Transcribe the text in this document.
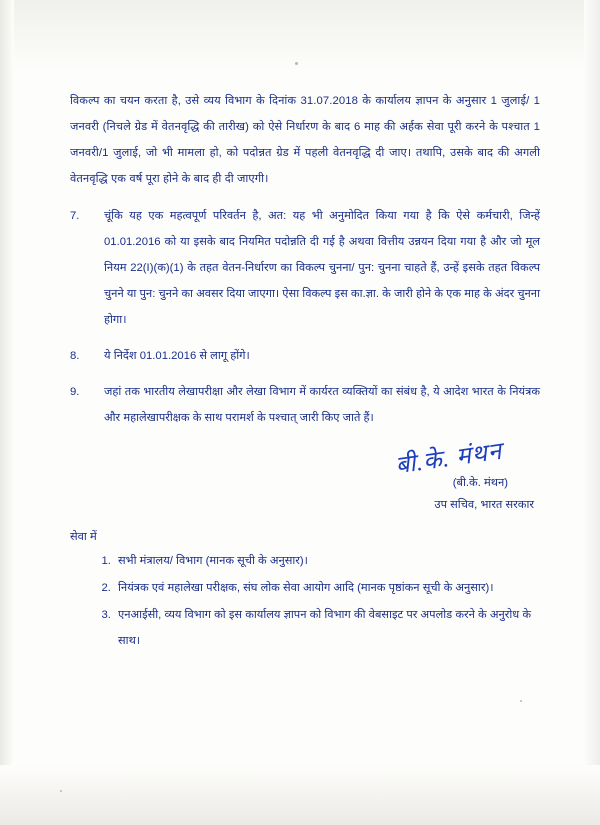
विकल्प का चयन करता है, उसे व्यय विभाग के दिनांक 31.07.2018 के कार्यालय ज्ञापन के अनुसार 1 जुलाई/ 1 जनवरी (निचले ग्रेड में वेतनवृद्धि की तारीख) को ऐसे निर्धारण के बाद 6 माह की अर्हक सेवा पूरी करने के पश्चात 1 जनवरी/1 जुलाई, जो भी मामला हो, को पदोन्नत ग्रेड में पहली वेतनवृद्धि दी जाए। तथापि, उसके बाद की अगली वेतनवृद्धि एक वर्ष पूरा होने के बाद ही दी जाएगी।

7.	चूंकि यह एक महत्वपूर्ण परिवर्तन है, अत: यह भी अनुमोदित किया गया है कि ऐसे कर्मचारी, जिन्हें 01.01.2016 को या इसके बाद नियमित पदोन्नति दी गई है अथवा वित्तीय उन्नयन दिया गया है और जो मूल नियम 22(I)(क)(1) के तहत वेतन-निर्धारण का विकल्प चुनना/ पुन: चुनना चाहते हैं, उन्हें इसके तहत विकल्प चुनने या पुन: चुनने का अवसर दिया जाएगा। ऐसा विकल्प इस का.ज्ञा. के जारी होने के एक माह के अंदर चुनना होगा।
8.	ये निर्देश 01.01.2016 से लागू होंगे।
9.	जहां तक भारतीय लेखापरीक्षा और लेखा विभाग में कार्यरत व्यक्तियों का संबंध है, ये आदेश भारत के नियंत्रक और महालेखापरीक्षक के साथ परामर्श के पश्चात् जारी किए जाते हैं।
बी.के. मंथन
(बी.के. मंथन)
उप सचिव, भारत सरकार
सेवा में
1. सभी मंत्रालय/ विभाग (मानक सूची के अनुसार)।
2. नियंत्रक एवं महालेखा परीक्षक, संघ लोक सेवा आयोग आदि (मानक पृष्ठांकन सूची के अनुसार)।
3. एनआईसी, व्यय विभाग को इस कार्यालय ज्ञापन को विभाग की वेबसाइट पर अपलोड करने के अनुरोध के साथ।
